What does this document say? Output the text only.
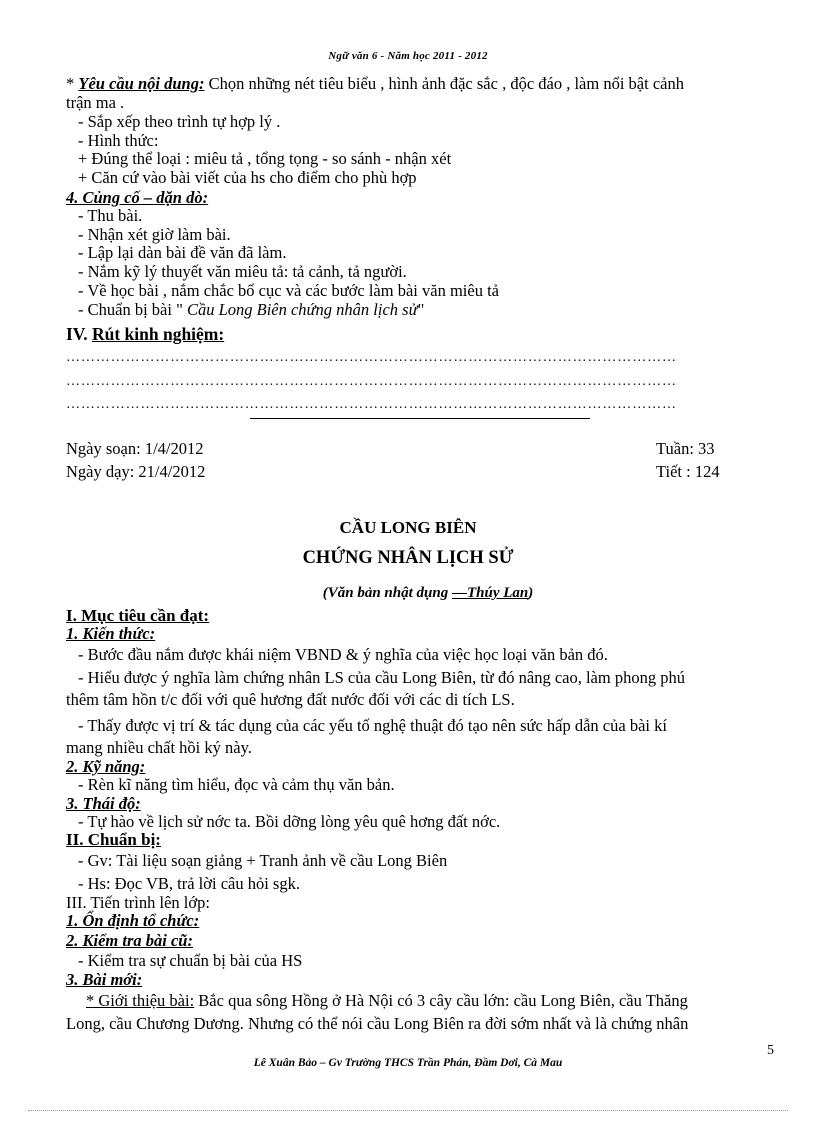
Ngữ văn 6 - Năm học 2011 - 2012
* Yêu cầu nội dung: Chọn những nét tiêu biểu , hình ảnh đặc sắc , độc đáo , làm nổi bật cảnh
trận ma .
- Sắp xếp theo trình tự hợp lý .
- Hình thức:
+ Đúng thể loại : miêu tả , tổng tọng - so sánh - nhận xét
+ Căn cứ vào bài viết của hs cho điểm cho phù hợp
4. Củng cố – dặn dò:
- Thu bài.
- Nhận xét giờ làm bài.
- Lập lại dàn bài đề văn đã làm.
- Nắm kỹ lý thuyết văn miêu tả: tả cảnh, tả người.
- Về học bài , nắm chắc bố cục và các bước làm bài văn miêu tả
- Chuẩn bị bài " Cầu Long Biên chứng nhân lịch sử"
IV. Rút kinh nghiệm:
……………………………………………………………………………………………………………
……………………………………………………………………………………………………………
……………………………………………………………………………………………………………
Ngày soạn: 1/4/2012
Ngày dạy: 21/4/2012
Tuần: 33
Tiết : 124
CẦU LONG BIÊN
CHỨNG NHÂN LỊCH SỬ
(Văn bản nhật dụng —Thúy Lan)
I. Mục tiêu cần đạt:
1. Kiến thức:
- Bước đầu nắm được khái niệm VBND & ý nghĩa của việc học loại văn bản đó.
- Hiểu được ý nghĩa làm chứng nhân LS của cầu Long Biên, từ đó nâng cao, làm phong phú
thêm tâm hồn t/c đối với quê hương đất nước đối với các di tích LS.
- Thấy được vị trí & tác dụng của các yếu tố nghệ thuật đó tạo nên sức hấp dẫn của bài kí
mang nhiều chất hồi ký này.
2. Kỹ năng:
- Rèn kĩ năng tìm hiểu, đọc và cảm thụ văn bản.
3. Thái độ:
- Tự hào về lịch sử nớc ta. Bồi dỡng lòng yêu quê hơng đất nớc.
II. Chuẩn bị:
- Gv: Tài liệu soạn giảng + Tranh ảnh về cầu Long Biên
- Hs: Đọc VB, trả lời câu hỏi sgk.
III. Tiến trình lên lớp:
1. Ổn định tổ chức:
2. Kiểm tra bài cũ:
- Kiểm tra sự chuẩn bị bài của HS
3. Bài mới:
* Giới thiệu bài: Bắc qua sông Hồng ở Hà Nội có 3 cây cầu lớn: cầu Long Biên, cầu Thăng
Long, cầu Chương Dương. Nhưng có thể nói cầu Long Biên ra đời sớm nhất và là chứng nhân
5
Lê Xuân Bảo – Gv Trường THCS Trần Phán, Đầm Dơi, Cà Mau
